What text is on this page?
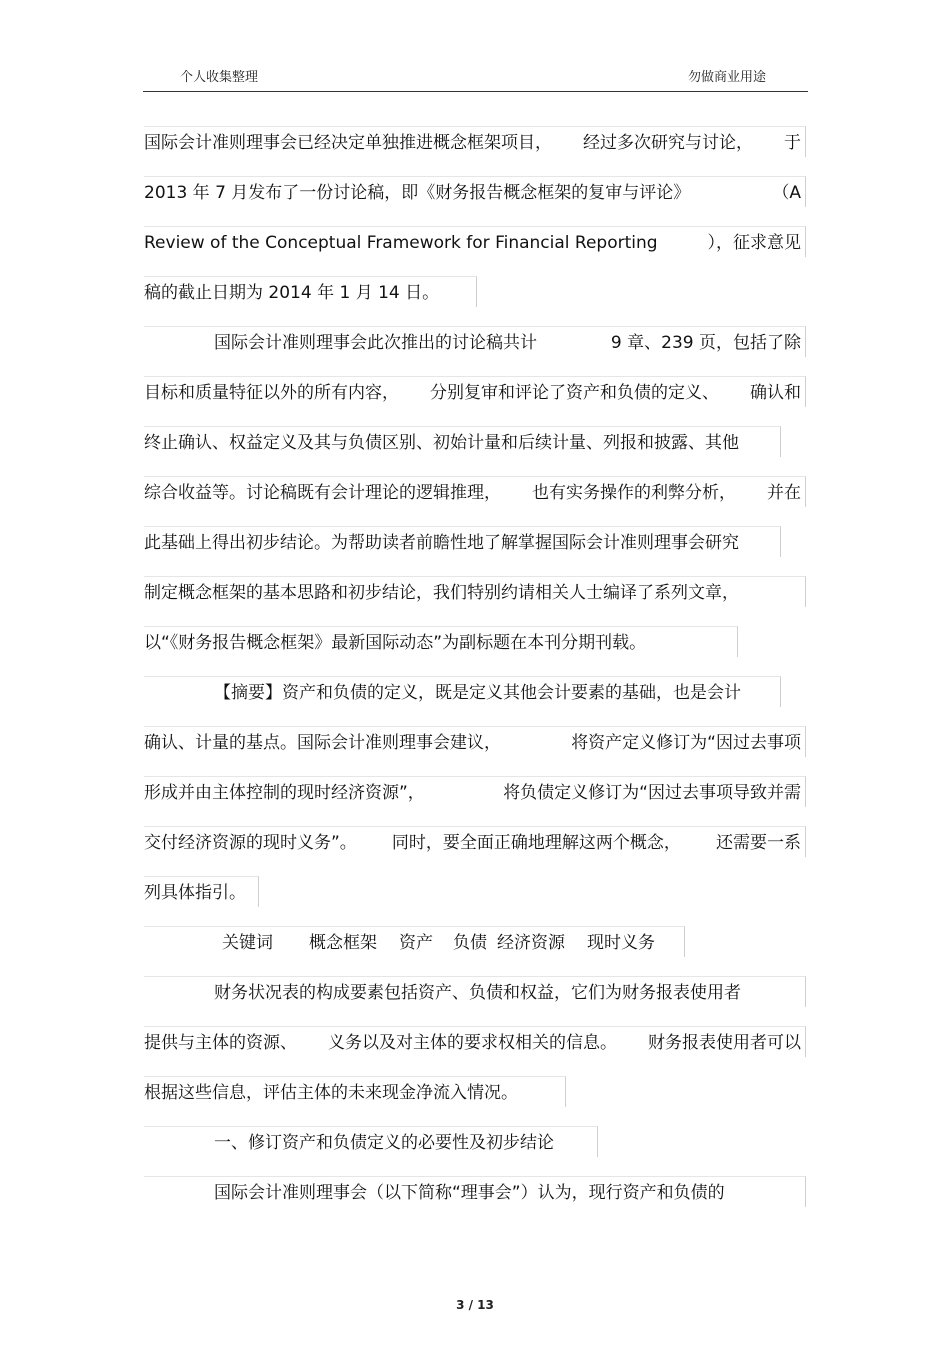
个人收集整理	勿做商业用途
国际会计准则理事会已经决定单独推进概念框架项目， 经过多次研究与讨论， 于
2013 年 7 月发布了一份讨论稿，即《财务报告概念框架的复审与评论》	（A
Review of the Conceptual Framework for Financial Reporting	），征求意见
稿的截止日期为 2014 年 1 月 14 日。
国际会计准则理事会此次推出的讨论稿共计	9 章、239 页，包括了除
目标和质量特征以外的所有内容， 分别复审和评论了资产和负债的定义、 确认和
终止确认、权益定义及其与负债区别、初始计量和后续计量、列报和披露、其他
综合收益等。讨论稿既有会计理论的逻辑推理， 也有实务操作的利弊分析， 并在
此基础上得出初步结论。为帮助读者前瞻性地了解掌握国际会计准则理事会研究
制定概念框架的基本思路和初步结论，我们特别约请相关人士编译了系列文章，
以“《财务报告概念框架》最新国际动态”为副标题在本刊分期刊载。
【摘要】资产和负债的定义，既是定义其他会计要素的基础，也是会计
确认、计量的基点。国际会计准则理事会建议，	将资产定义修订为“因过去事项
形成并由主体控制的现时经济资源”，	将负债定义修订为“因过去事项导致并需
交付经济资源的现时义务”。 同时，要全面正确地理解这两个概念， 还需要一系
列具体指引。
关键词 概念框架 资产 负债 经济资源 现时义务
财务状况表的构成要素包括资产、负债和权益，它们为财务报表使用者
提供与主体的资源、 义务以及对主体的要求权相关的信息。 财务报表使用者可以
根据这些信息，评估主体的未来现金净流入情况。
一、修订资产和负债定义的必要性及初步结论
国际会计准则理事会（以下简称“理事会”）认为，现行资产和负债的
3 / 13
